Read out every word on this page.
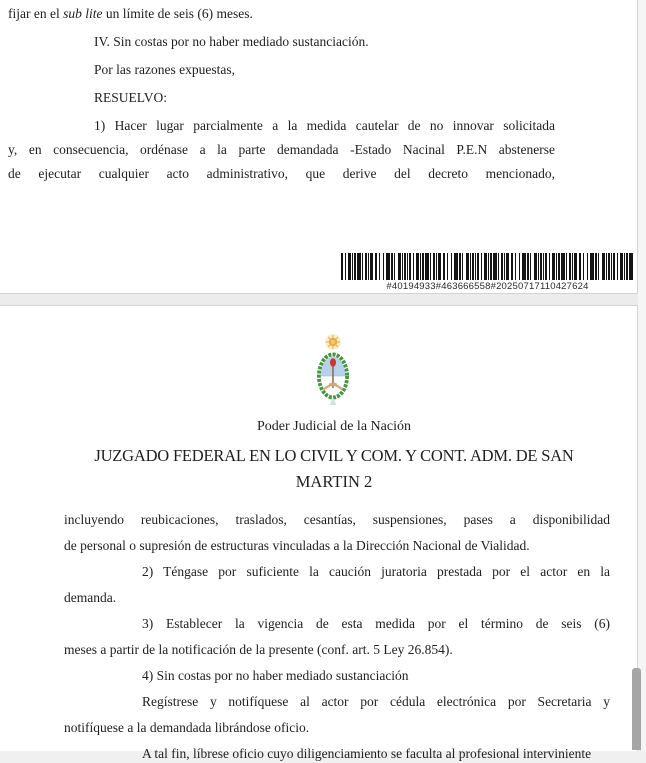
fijar en el sub lite un límite de seis (6) meses.
IV. Sin costas por no haber mediado sustanciación.
Por las razones expuestas,
RESUELVO:
1) Hacer lugar parcialmente a la medida cautelar de no innovar solicitada
y, en consecuencia, ordénase a la parte demandada -Estado Nacinal P.E.N abstenerse
de ejecutar cualquier acto administrativo, que derive del decreto mencionado,
#40194933#463666558#20250717110427624
Poder Judicial de la Nación
JUZGADO FEDERAL EN LO CIVIL Y COM. Y CONT. ADM. DE SAN
MARTIN 2
incluyendo reubicaciones, traslados, cesantías, suspensiones, pases a disponibilidad
de personal o supresión de estructuras vinculadas a la Dirección Nacional de Vialidad.
2) Téngase por suficiente la caución juratoria prestada por el actor en la
demanda.
3) Establecer la vigencia de esta medida por el término de seis (6)
meses a partir de la notificación de la presente (conf. art. 5 Ley 26.854).
4) Sin costas por no haber mediado sustanciación
Regístrese y notifíquese al actor por cédula electrónica por Secretaria y
notifíquese a la demandada librándose oficio.
A tal fin, líbrese oficio cuyo diligenciamiento se faculta al profesional interviniente
